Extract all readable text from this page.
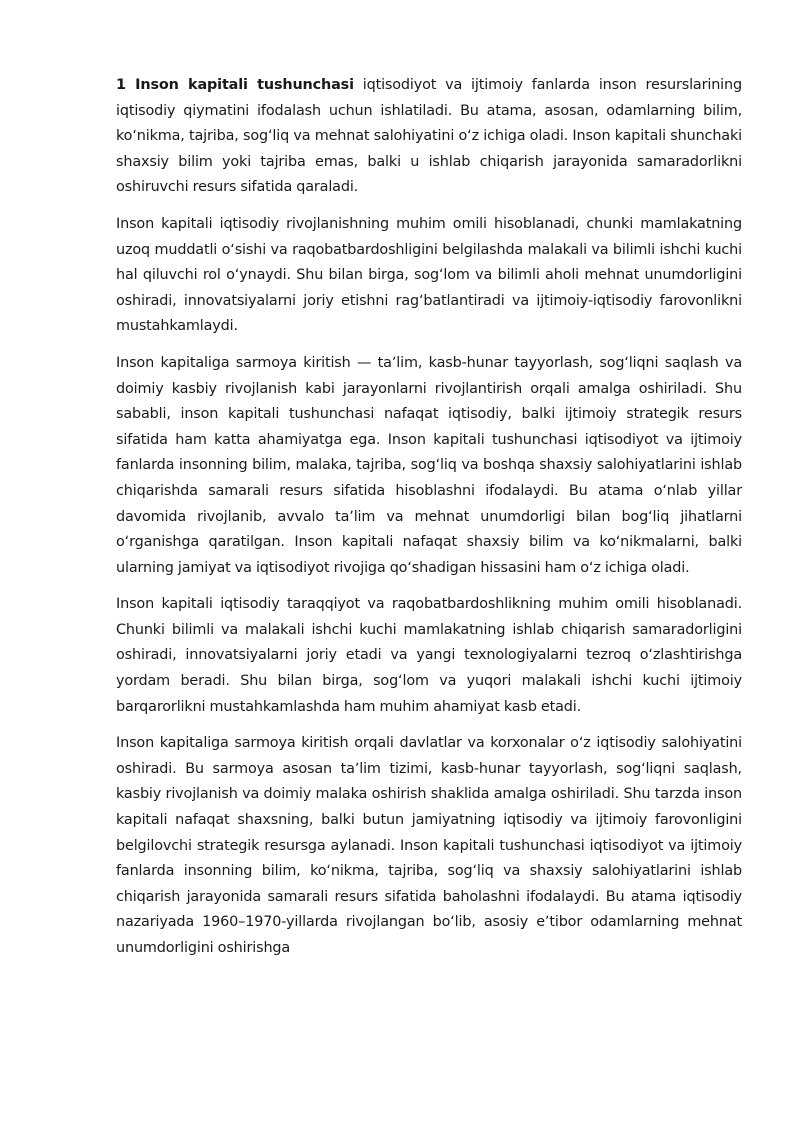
1 Inson kapitali tushunchasi iqtisodiyot va ijtimoiy fanlarda inson resurslarining iqtisodiy qiymatini ifodalash uchun ishlatiladi. Bu atama, asosan, odamlarning bilim, koʻnikma, tajriba, sogʻliq va mehnat salohiyatini oʻz ichiga oladi. Inson kapitali shunchaki shaxsiy bilim yoki tajriba emas, balki u ishlab chiqarish jarayonida samaradorlikni oshiruvchi resurs sifatida qaraladi.

Inson kapitali iqtisodiy rivojlanishning muhim omili hisoblanadi, chunki mamlakatning uzoq muddatli oʻsishi va raqobatbardoshligini belgilashda malakali va bilimli ishchi kuchi hal qiluvchi rol oʻynaydi. Shu bilan birga, sogʻlom va bilimli aholi mehnat unumdorligini oshiradi, innovatsiyalarni joriy etishni ragʻbatlantiradi va ijtimoiy-iqtisodiy farovonlikni mustahkamlaydi.

Inson kapitaliga sarmoya kiritish — taʼlim, kasb-hunar tayyorlash, sogʻliqni saqlash va doimiy kasbiy rivojlanish kabi jarayonlarni rivojlantirish orqali amalga oshiriladi. Shu sababli, inson kapitali tushunchasi nafaqat iqtisodiy, balki ijtimoiy strategik resurs sifatida ham katta ahamiyatga ega. Inson kapitali tushunchasi iqtisodiyot va ijtimoiy fanlarda insonning bilim, malaka, tajriba, sogʻliq va boshqa shaxsiy salohiyatlarini ishlab chiqarishda samarali resurs sifatida hisoblashni ifodalaydi. Bu atama oʻnlab yillar davomida rivojlanib, avvalo taʼlim va mehnat unumdorligi bilan bogʻliq jihatlarni oʻrganishga qaratilgan. Inson kapitali nafaqat shaxsiy bilim va koʻnikmalarni, balki ularning jamiyat va iqtisodiyot rivojiga qoʻshadigan hissasini ham oʻz ichiga oladi.

Inson kapitali iqtisodiy taraqqiyot va raqobatbardoshlikning muhim omili hisoblanadi. Chunki bilimli va malakali ishchi kuchi mamlakatning ishlab chiqarish samaradorligini oshiradi, innovatsiyalarni joriy etadi va yangi texnologiyalarni tezroq oʻzlashtirishga yordam beradi. Shu bilan birga, sogʻlom va yuqori malakali ishchi kuchi ijtimoiy barqarorlikni mustahkamlashda ham muhim ahamiyat kasb etadi.

Inson kapitaliga sarmoya kiritish orqali davlatlar va korxonalar oʻz iqtisodiy salohiyatini oshiradi. Bu sarmoya asosan taʼlim tizimi, kasb-hunar tayyorlash, sogʻliqni saqlash, kasbiy rivojlanish va doimiy malaka oshirish shaklida amalga oshiriladi. Shu tarzda inson kapitali nafaqat shaxsning, balki butun jamiyatning iqtisodiy va ijtimoiy farovonligini belgilovchi strategik resursga aylanadi. Inson kapitali tushunchasi iqtisodiyot va ijtimoiy fanlarda insonning bilim, koʻnikma, tajriba, sogʻliq va shaxsiy salohiyatlarini ishlab chiqarish jarayonida samarali resurs sifatida baholashni ifodalaydi. Bu atama iqtisodiy nazariyada 1960–1970-yillarda rivojlangan boʻlib, asosiy eʼtibor odamlarning mehnat unumdorligini oshirishga
